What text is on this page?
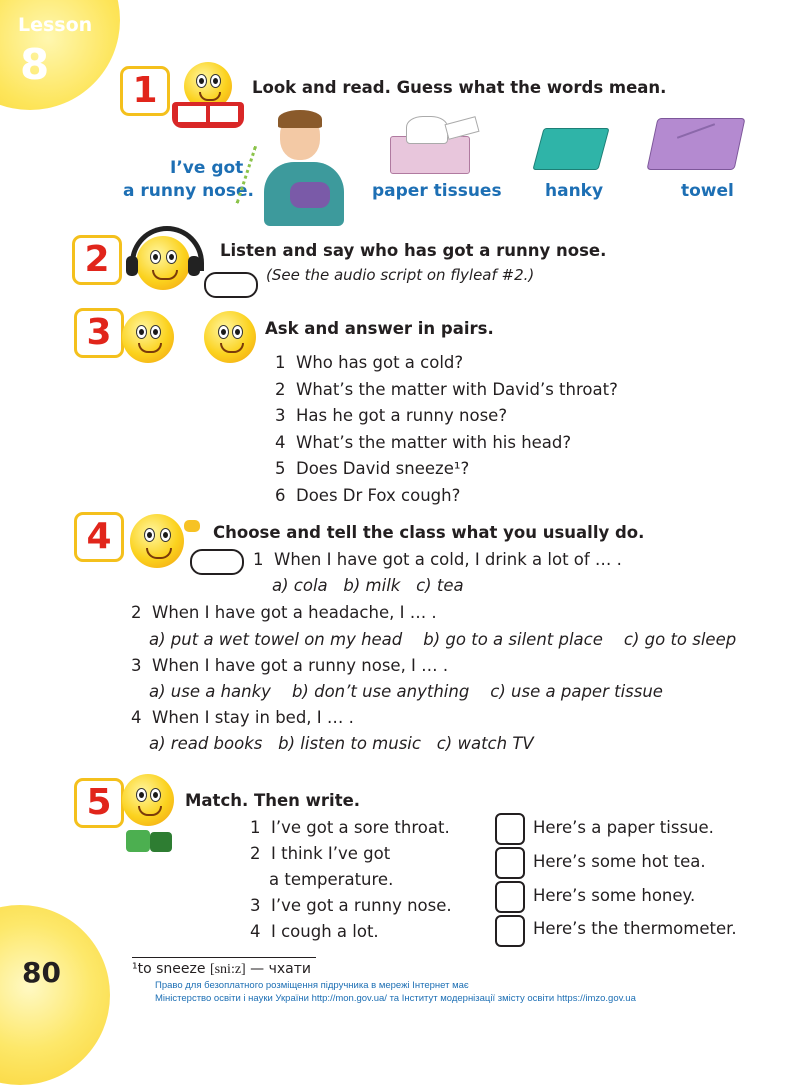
Lesson
8
80
1	Look and read. Guess what the words mean.
I’ve got
a runny nose.	paper tissues	hanky	towel
2	Listen and say who has got a runny nose.
(See the audio script on flyleaf #2.)
3	Ask and answer in pairs.
1 Who has got a cold?
2 What’s the matter with David’s throat?
3 Has he got a runny nose?
4 What’s the matter with his head?
5 Does David sneeze¹?
6 Does Dr Fox cough?
4	Choose and tell the class what you usually do.
1 When I have got a cold, I drink a lot of … .
a) cola b) milk c) tea
2 When I have got a headache, I … .
a) put a wet towel on my head b) go to a silent place c) go to sleep
3 When I have got a runny nose, I … .
a) use a hanky b) don’t use anything c) use a paper tissue
4 When I stay in bed, I … .
a) read books b) listen to music c) watch TV
5	Match. Then write.
1 I’ve got a sore throat.
2 I think I’ve got
a temperature.
3 I’ve got a runny nose.
4 I cough a lot.
Here’s a paper tissue.
Here’s some hot tea.
Here’s some honey.
Here’s the thermometer.
¹to sneeze [sni:z] — чхати
Право для безоплатного розміщення підручника в мережі Інтернет має
Міністерство освіти і науки України http://mon.gov.ua/ та Інститут модернізації змісту освіти https://imzo.gov.ua
